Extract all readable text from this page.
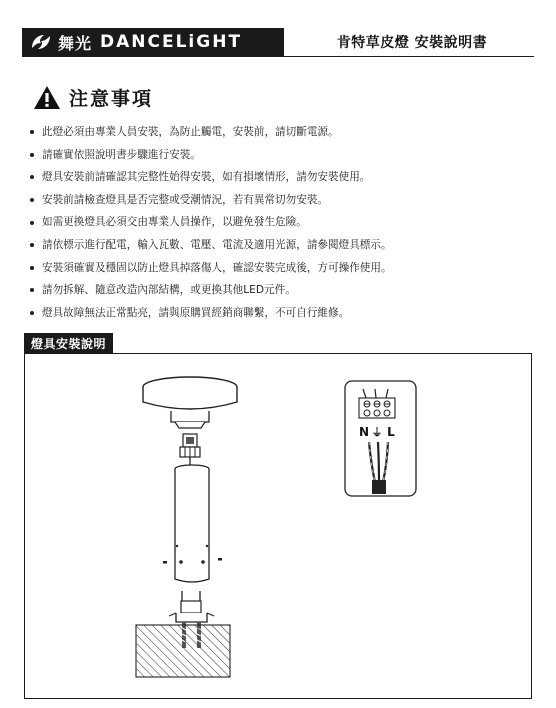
舞光 DANCELiGHT	肯特草皮燈 安裝說明書
注意事項
此燈必須由專業人員安裝，為防止觸電，安裝前，請切斷電源。
請確實依照說明書步驟進行安裝。
燈具安裝前請確認其完整性始得安裝，如有損壞情形，請勿安裝使用。
安裝前請檢查燈具是否完整或受潮情況，若有異常切勿安裝。
如需更換燈具必須交由專業人員操作，以避免發生危險。
請依標示進行配電，輸入瓦數、電壓、電流及適用光源，請參閱燈具標示。
安裝須確實及穩固以防止燈具掉落傷人，確認安裝完成後，方可操作使用。
請勿拆解、隨意改造內部結構，或更換其他LED元件。
燈具故障無法正常點亮，請與原購買經銷商聯繫，不可自行維修。
燈具安裝說明
N ⏚ L
